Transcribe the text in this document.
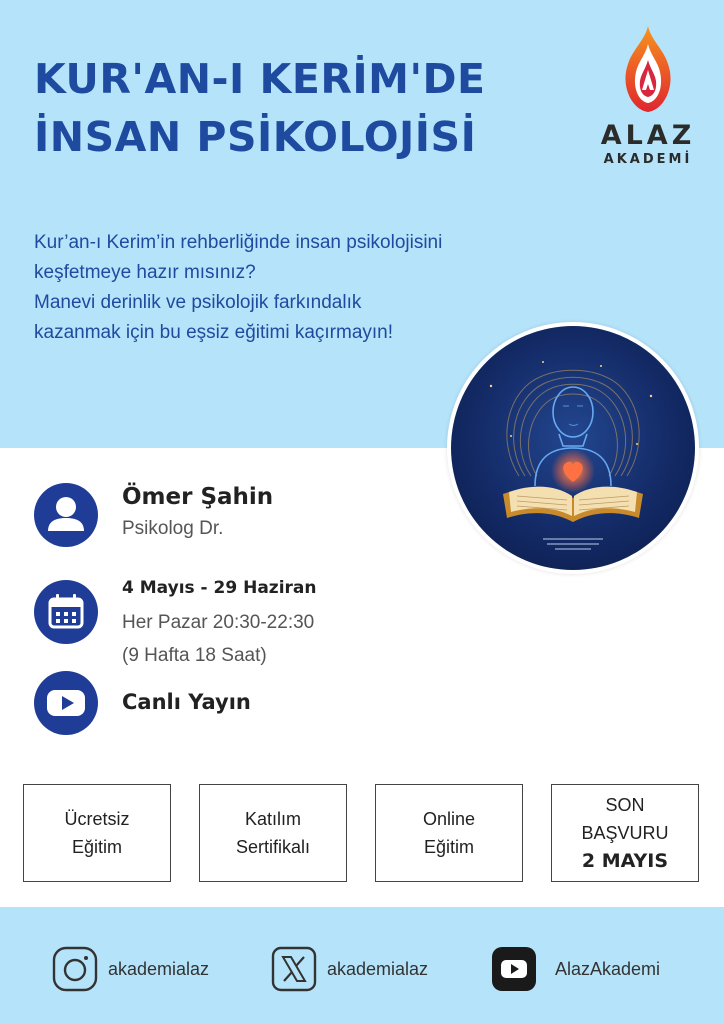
KUR'AN-I KERİM'DE
İNSAN PSİKOLOJİSİ	ALAZ
AKADEMİ
Kur’an-ı Kerim’in rehberliğinde insan psikolojisini
keşfetmeye hazır mısınız?
Manevi derinlik ve psikolojik farkındalık
kazanmak için bu eşsiz eğitimi kaçırmayın!
Ömer Şahin
Psikolog Dr.
4 Mayıs - 29 Haziran
Her Pazar 20:30-22:30
(9 Hafta 18 Saat)
Canlı Yayın
Ücretsiz
Eğitim
Katılım
Sertifikalı
Online
Eğitim
SON
BAŞVURU
2 MAYIS
akademialaz	akademialaz	AlazAkademi
